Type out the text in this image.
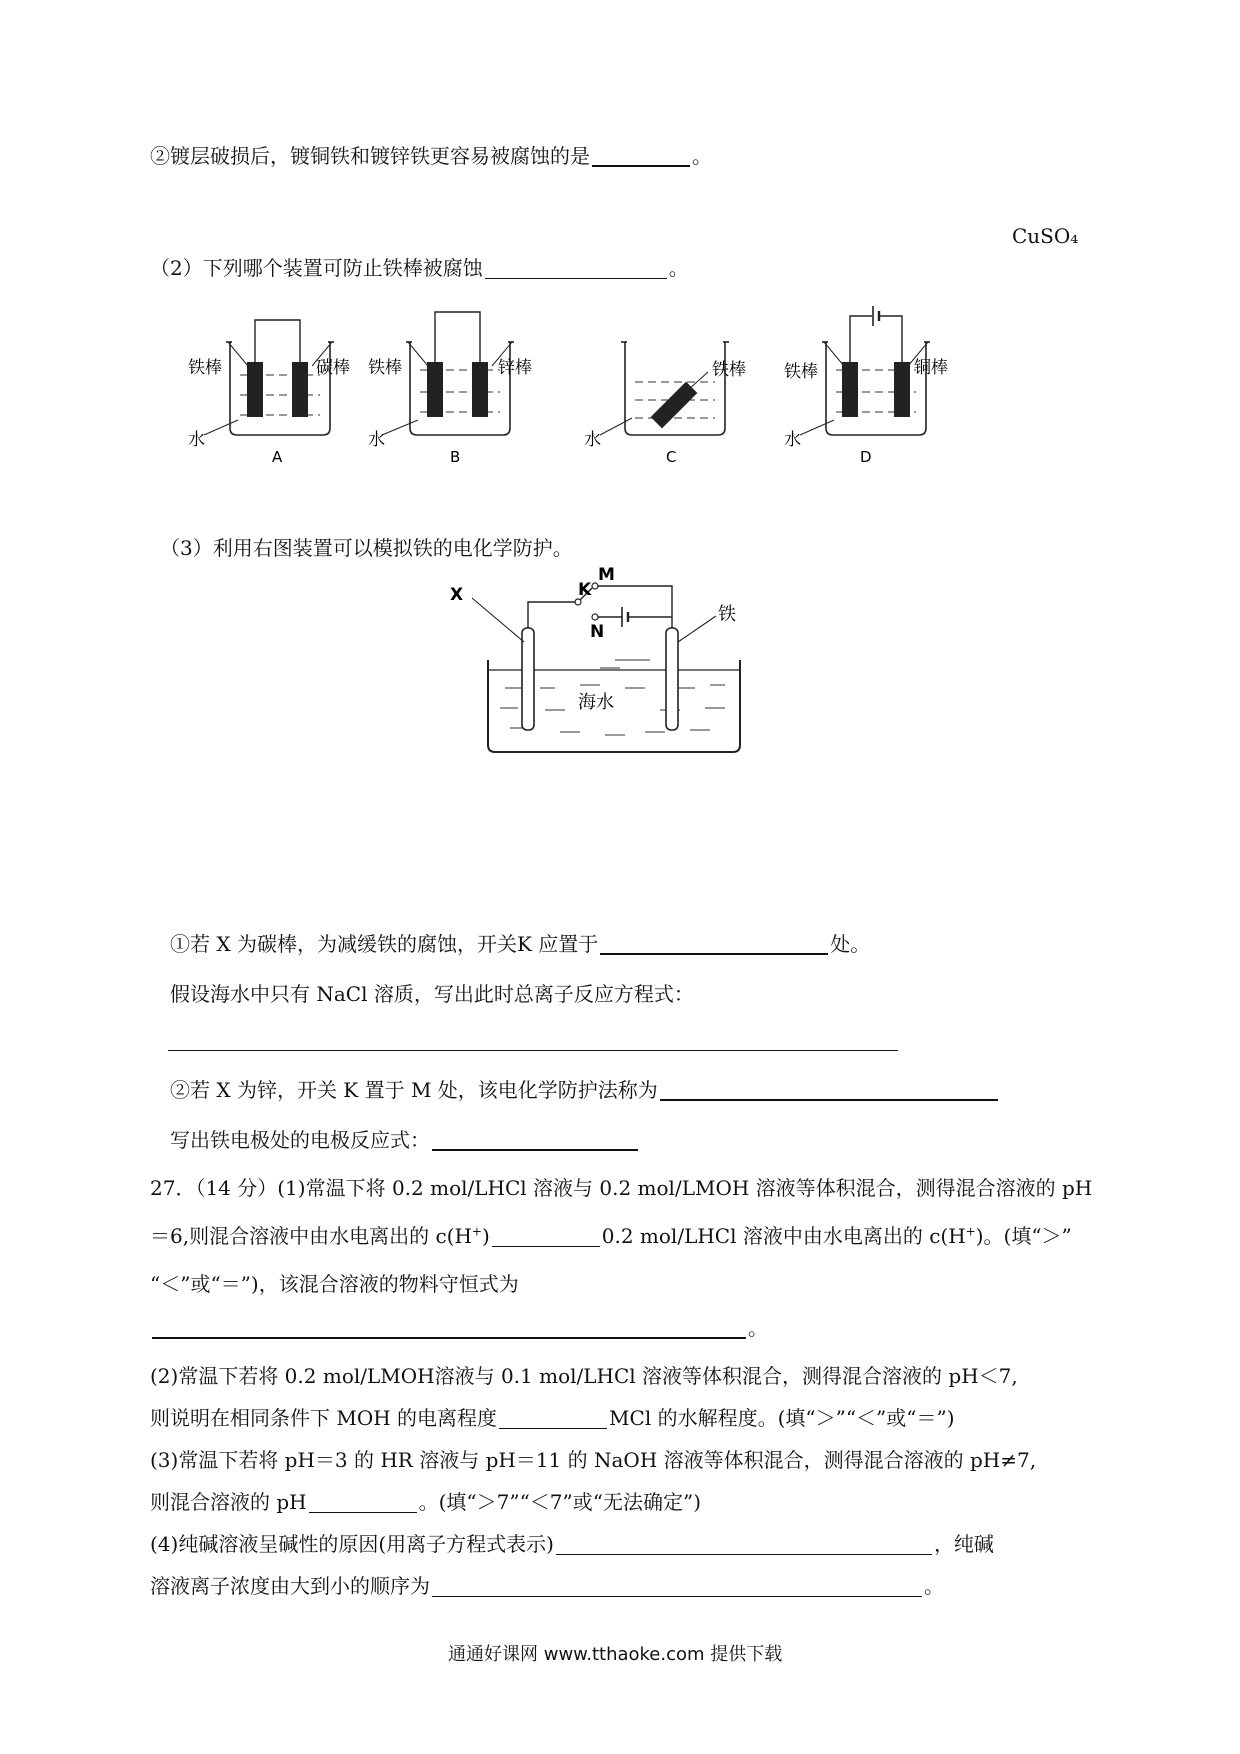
②镀层破损后，镀铜铁和镀锌铁更容易被腐蚀的是	。
CuSO₄
（2）下列哪个装置可防止铁棒被腐蚀	。
铁棒	碳棒
水
A
铁棒	锌棒
水
B
铁棒
水
C
铁棒	铜棒
水
D
（3）利用右图装置可以模拟铁的电化学防护。
M
K
N
X
铁
海水
①若 X 为碳棒，为减缓铁的腐蚀，开关K 应置于	处。
假设海水中只有 NaCl 溶质，写出此时总离子反应方程式：
②若 X 为锌，开关 K 置于 M 处，该电化学防护法称为
写出铁电极处的电极反应式：
27．（14 分）(1)常温下将 0.2 mol/LHCl 溶液与 0.2 mol/LMOH 溶液等体积混合，测得混合溶液的 pH
＝6,则混合溶液中由水电离出的 c(H+)	0.2 mol/LHCl 溶液中由水电离出的 c(H+)。(填“＞”
“＜”或“＝”)，该混合溶液的物料守恒式为
。
(2)常温下若将 0.2 mol/LMOH溶液与 0.1 mol/LHCl 溶液等体积混合，测得混合溶液的 pH＜7,
则说明在相同条件下 MOH 的电离程度	MCl 的水解程度。(填“＞”“＜”或“＝”)
(3)常温下若将 pH＝3 的 HR 溶液与 pH＝11 的 NaOH 溶液等体积混合，测得混合溶液的 pH≠7,
则混合溶液的 pH	。(填“＞7”“＜7”或“无法确定”)
(4)纯碱溶液呈碱性的原因(用离子方程式表示)	，纯碱
溶液离子浓度由大到小的顺序为	。
通通好课网 www.tthaoke.com 提供下载
